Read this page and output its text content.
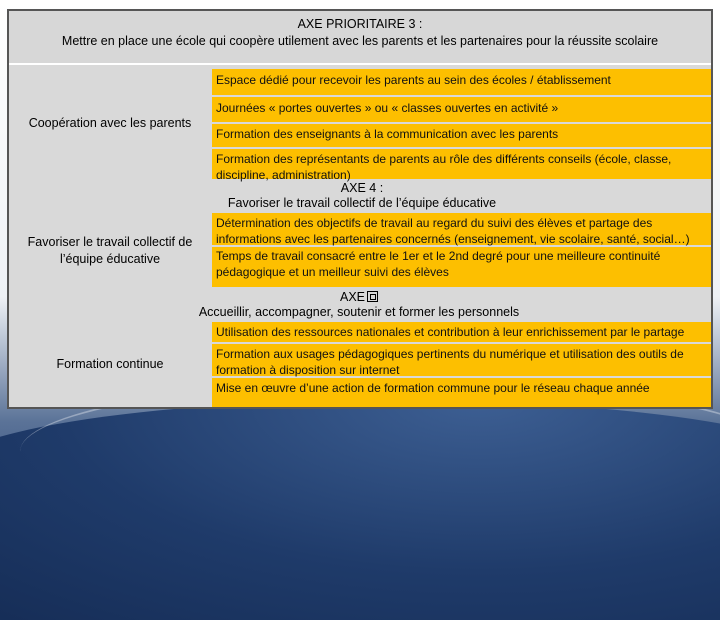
AXE PRIORITAIRE 3 :
Mettre en place une école qui coopère utilement avec les parents et les partenaires pour la réussite scolaire
Coopération avec les parents
Espace dédié pour recevoir les parents au sein des écoles / établissement
Journées « portes ouvertes » ou « classes ouvertes en activité »
Formation des enseignants à la communication avec les parents
Formation des représentants de parents au rôle des différents conseils (école, classe, discipline, administration)
AXE 4 :
Favoriser le travail collectif de l’équipe éducative
Favoriser le travail collectif de l’équipe éducative
Détermination des objectifs de travail au regard du suivi des élèves et partage des informations avec les partenaires concernés (enseignement, vie scolaire, santé, social…)
Temps de travail consacré entre le 1er et le 2nd degré pour une meilleure continuité pédagogique et un meilleur suivi des élèves
AXE
Accueillir, accompagner, soutenir et former les personnels
Formation continue
Utilisation des ressources nationales et contribution à leur enrichissement par le partage
Formation aux usages pédagogiques pertinents du numérique et utilisation des outils de formation à disposition sur internet
Mise en œuvre d’une action de formation commune pour le réseau chaque année
